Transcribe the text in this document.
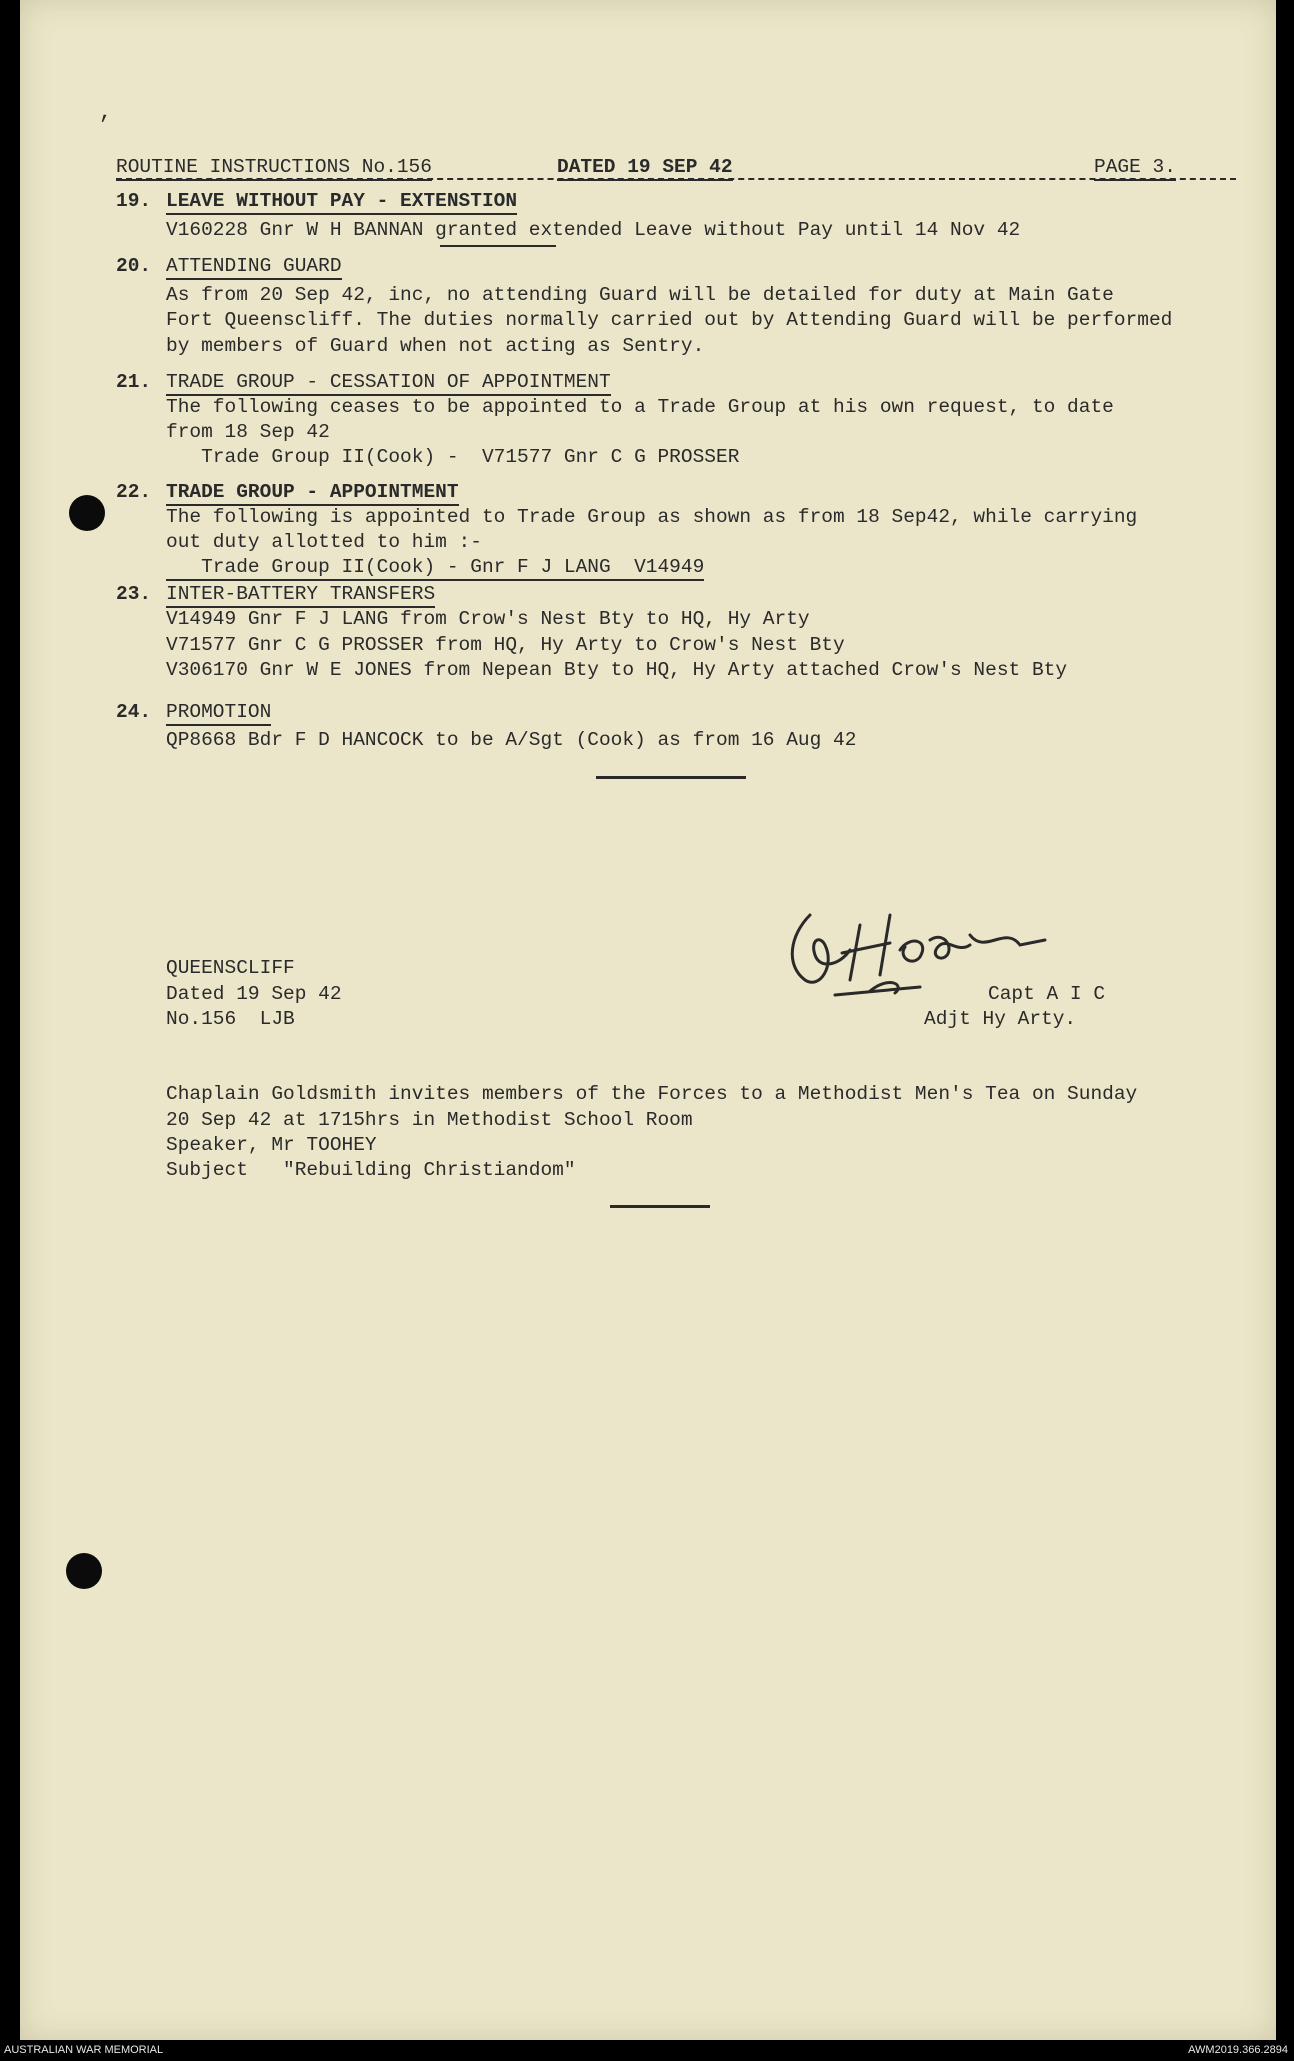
,
ROUTINE INSTRUCTIONS No.156	DATED 19 SEP 42	PAGE 3.
19. LEAVE WITHOUT PAY - EXTENSTION
V160228 Gnr W H BANNAN granted extended Leave without Pay until 14 Nov 42
20. ATTENDING GUARD
As from 20 Sep 42, inc, no attending Guard will be detailed for duty at Main Gate
Fort Queenscliff. The duties normally carried out by Attending Guard will be performed
by members of Guard when not acting as Sentry.
21. TRADE GROUP - CESSATION OF APPOINTMENT
The following ceases to be appointed to a Trade Group at his own request, to date
from 18 Sep 42
Trade Group II(Cook) -  V71577 Gnr C G PROSSER
22. TRADE GROUP - APPOINTMENT
The following is appointed to Trade Group as shown as from 18 Sep42, while carrying
out duty allotted to him :-
Trade Group II(Cook) - Gnr F J LANG  V14949
23. INTER-BATTERY TRANSFERS
V14949 Gnr F J LANG from Crow's Nest Bty to HQ, Hy Arty
V71577 Gnr C G PROSSER from HQ, Hy Arty to Crow's Nest Bty
V306170 Gnr W E JONES from Nepean Bty to HQ, Hy Arty attached Crow's Nest Bty
24. PROMOTION
QP8668 Bdr F D HANCOCK to be A/Sgt (Cook) as from 16 Aug 42
QUEENSCLIFF
Dated 19 Sep 42
No.156  LJB
Capt A I C
Adjt Hy Arty.
Chaplain Goldsmith invites members of the Forces to a Methodist Men's Tea on Sunday
20 Sep 42 at 1715hrs in Methodist School Room
Speaker, Mr TOOHEY
Subject   "Rebuilding Christiandom"
AUSTRALIAN WAR MEMORIAL	AWM2019.366.2894
